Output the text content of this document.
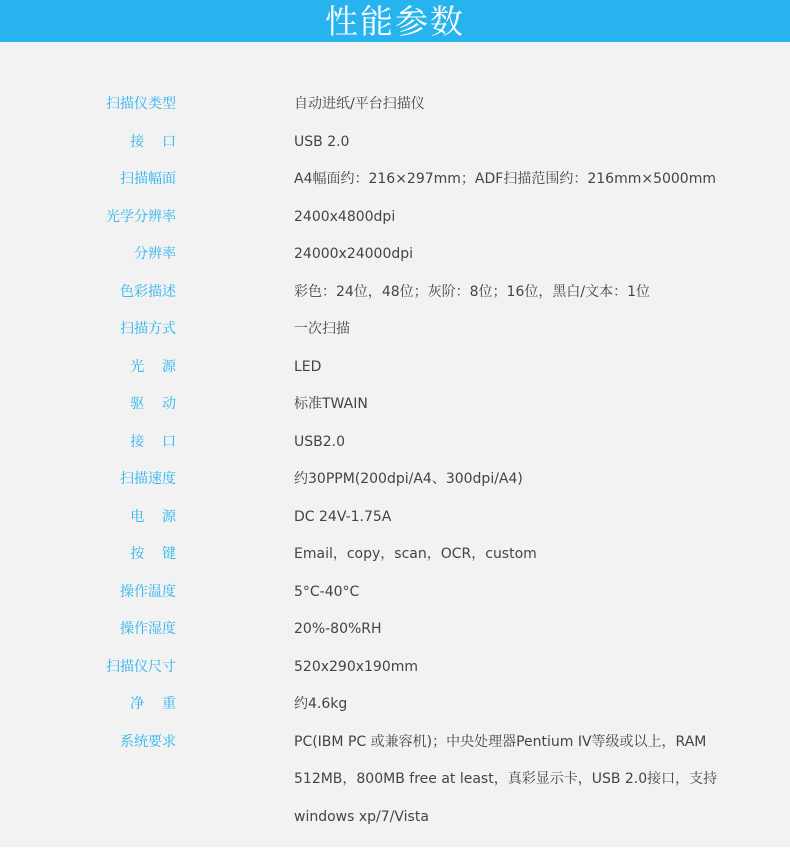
性能参数
扫描仪类型	自动进纸/平台扫描仪
接    口	USB 2.0
扫描幅面	A4幅面约：216×297mm；ADF扫描范围约：216mm×5000mm
光学分辨率	2400x4800dpi
分辨率	24000x24000dpi
色彩描述	彩色：24位，48位；灰阶：8位；16位，黑白/文本：1位
扫描方式	一次扫描
光    源	LED
驱    动	标准TWAIN
接    口	USB2.0
扫描速度	约30PPM(200dpi/A4、300dpi/A4)
电    源	DC 24V-1.75A
按    键	Email，copy，scan，OCR，custom
操作温度	5°C-40°C
操作湿度	20%-80%RH
扫描仪尺寸	520x290x190mm
净    重	约4.6kg
系统要求	PC(IBM PC 或兼容机)；中央处理器Pentium IV等级或以上，RAM
512MB，800MB free at least，真彩显示卡，USB 2.0接口，支持
windows xp/7/Vista
